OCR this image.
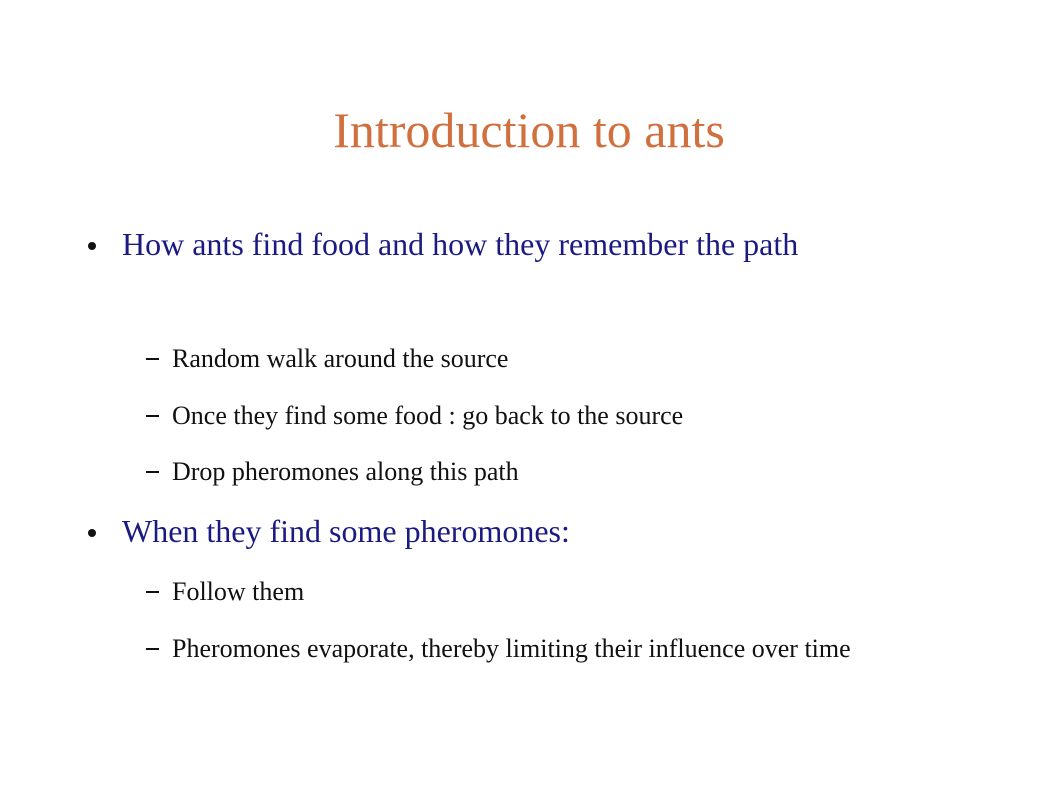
Introduction to ants
How ants find food and how they remember the path
Random walk around the source
Once they find some food : go back to the source
Drop pheromones along this path
When they find some pheromones:
Follow them
Pheromones evaporate, thereby limiting their influence over time
